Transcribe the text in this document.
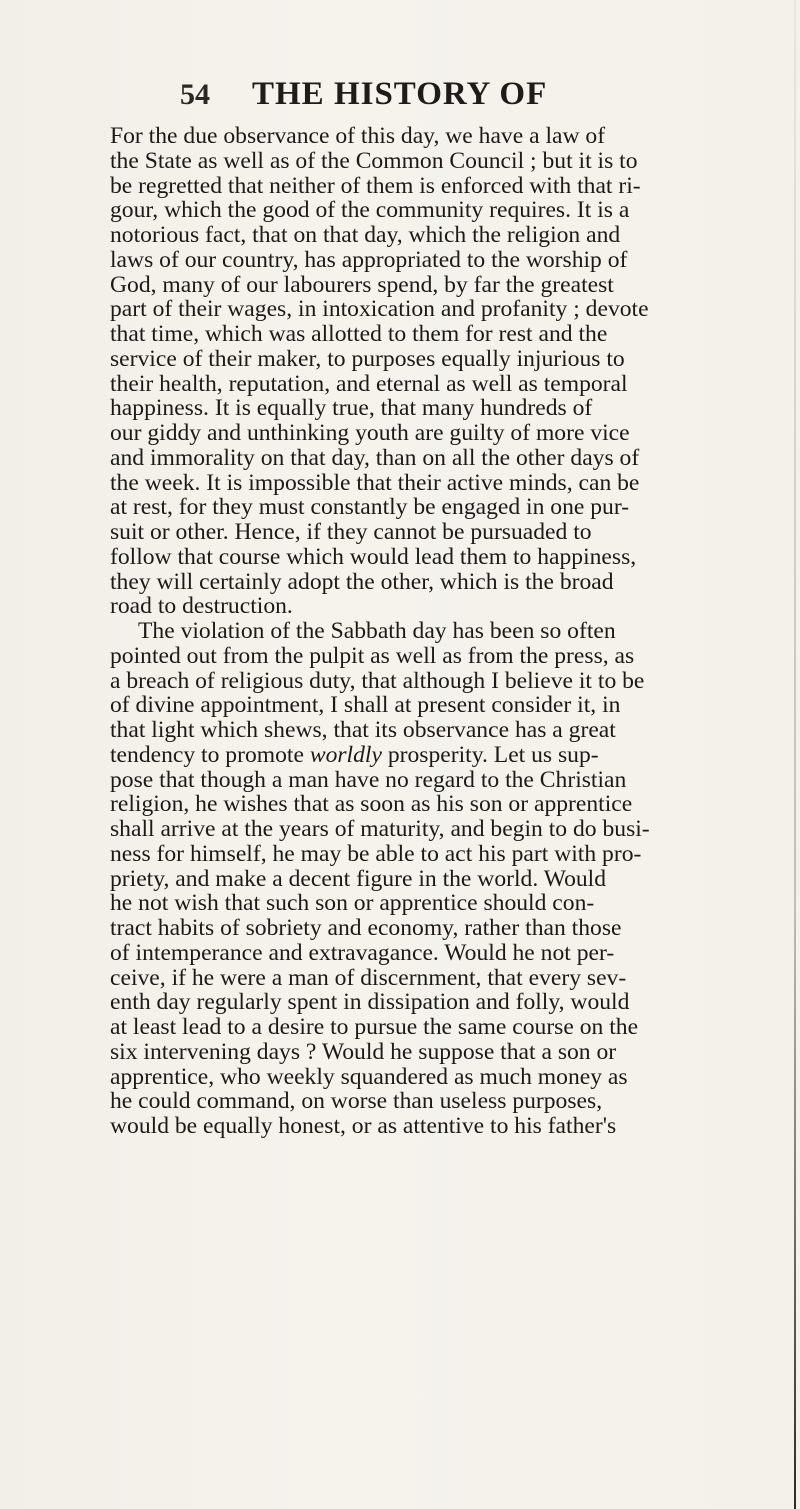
54 THE HISTORY OF
For the due observance of this day, we have a law of
the State as well as of the Common Council ; but it is to
be regretted that neither of them is enforced with that ri-
gour, which the good of the community requires. It is a
notorious fact, that on that day, which the religion and
laws of our country, has appropriated to the worship of
God, many of our labourers spend, by far the greatest
part of their wages, in intoxication and profanity ; devote
that time, which was allotted to them for rest and the
service of their maker, to purposes equally injurious to
their health, reputation, and eternal as well as temporal
happiness. It is equally true, that many hundreds of
our giddy and unthinking youth are guilty of more vice
and immorality on that day, than on all the other days of
the week. It is impossible that their active minds, can be
at rest, for they must constantly be engaged in one pur-
suit or other. Hence, if they cannot be pursuaded to
follow that course which would lead them to happiness,
they will certainly adopt the other, which is the broad
road to destruction.
The violation of the Sabbath day has been so often
pointed out from the pulpit as well as from the press, as
a breach of religious duty, that although I believe it to be
of divine appointment, I shall at present consider it, in
that light which shews, that its observance has a great
tendency to promote worldly prosperity. Let us sup-
pose that though a man have no regard to the Christian
religion, he wishes that as soon as his son or apprentice
shall arrive at the years of maturity, and begin to do busi-
ness for himself, he may be able to act his part with pro-
priety, and make a decent figure in the world. Would
he not wish that such son or apprentice should con-
tract habits of sobriety and economy, rather than those
of intemperance and extravagance. Would he not per-
ceive, if he were a man of discernment, that every sev-
enth day regularly spent in dissipation and folly, would
at least lead to a desire to pursue the same course on the
six intervening days ? Would he suppose that a son or
apprentice, who weekly squandered as much money as
he could command, on worse than useless purposes,
would be equally honest, or as attentive to his father's
